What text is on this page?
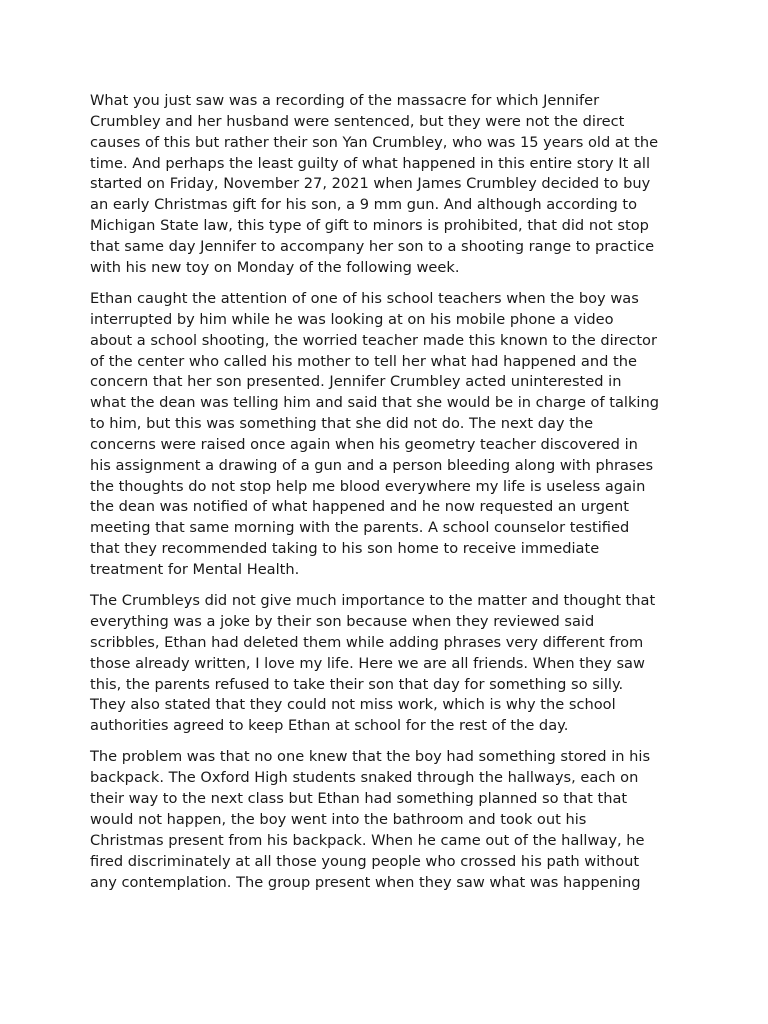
What you just saw was a recording of the massacre for which Jennifer
Crumbley and her husband were sentenced, but they were not the direct
causes of this but rather their son Yan Crumbley, who was 15 years old at the
time. And perhaps the least guilty of what happened in this entire story It all
started on Friday, November 27, 2021 when James Crumbley decided to buy
an early Christmas gift for his son, a 9 mm gun. And although according to
Michigan State law, this type of gift to minors is prohibited, that did not stop
that same day Jennifer to accompany her son to a shooting range to practice
with his new toy on Monday of the following week.

Ethan caught the attention of one of his school teachers when the boy was
interrupted by him while he was looking at on his mobile phone a video
about a school shooting, the worried teacher made this known to the director
of the center who called his mother to tell her what had happened and the
concern that her son presented. Jennifer Crumbley acted uninterested in
what the dean was telling him and said that she would be in charge of talking
to him, but this was something that she did not do. The next day the
concerns were raised once again when his geometry teacher discovered in
his assignment a drawing of a gun and a person bleeding along with phrases
the thoughts do not stop help me blood everywhere my life is useless again
the dean was notified of what happened and he now requested an urgent
meeting that same morning with the parents. A school counselor testified
that they recommended taking to his son home to receive immediate
treatment for Mental Health.

The Crumbleys did not give much importance to the matter and thought that
everything was a joke by their son because when they reviewed said
scribbles, Ethan had deleted them while adding phrases very different from
those already written, I love my life. Here we are all friends. When they saw
this, the parents refused to take their son that day for something so silly.
They also stated that they could not miss work, which is why the school
authorities agreed to keep Ethan at school for the rest of the day.

The problem was that no one knew that the boy had something stored in his
backpack. The Oxford High students snaked through the hallways, each on
their way to the next class but Ethan had something planned so that that
would not happen, the boy went into the bathroom and took out his
Christmas present from his backpack. When he came out of the hallway, he
fired discriminately at all those young people who crossed his path without
any contemplation. The group present when they saw what was happening
